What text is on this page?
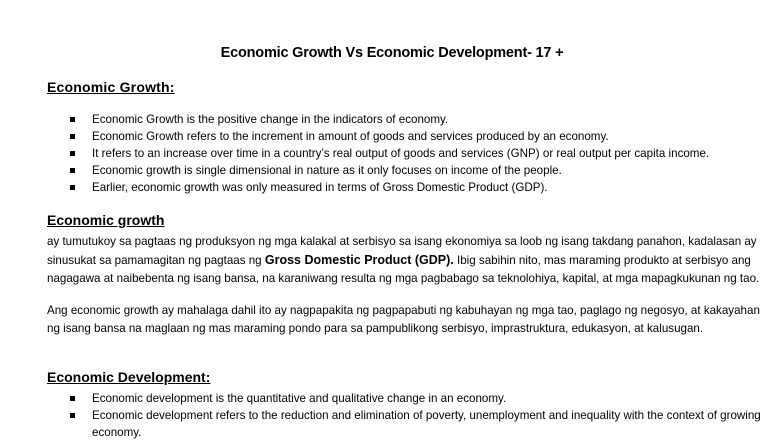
Economic Growth Vs Economic Development- 17 +
Economic Growth:
Economic Growth is the positive change in the indicators of economy.
Economic Growth refers to the increment in amount of goods and services produced by an economy.
It refers to an increase over time in a country’s real output of goods and services (GNP) or real output per capita income.
Economic growth is single dimensional in nature as it only focuses on income of the people.
Earlier, economic growth was only measured in terms of Gross Domestic Product (GDP).
Economic growth
ay tumutukoy sa pagtaas ng produksyon ng mga kalakal at serbisyo sa isang ekonomiya sa loob ng isang takdang panahon, kadalasan ay sinusukat sa pamamagitan ng pagtaas ng Gross Domestic Product (GDP). Ibig sabihin nito, mas maraming produkto at serbisyo ang nagagawa at naibebenta ng isang bansa, na karaniwang resulta ng mga pagbabago sa teknolohiya, kapital, at mga mapagkukunan ng tao.
Ang economic growth ay mahalaga dahil ito ay nagpapakita ng pagpapabuti ng kabuhayan ng mga tao, paglago ng negosyo, at kakayahan ng isang bansa na maglaan ng mas maraming pondo para sa pampublikong serbisyo, imprastruktura, edukasyon, at kalusugan.
Economic Development:
Economic development is the quantitative and qualitative change in an economy.
Economic development refers to the reduction and elimination of poverty, unemployment and inequality with the context of growing economy.
